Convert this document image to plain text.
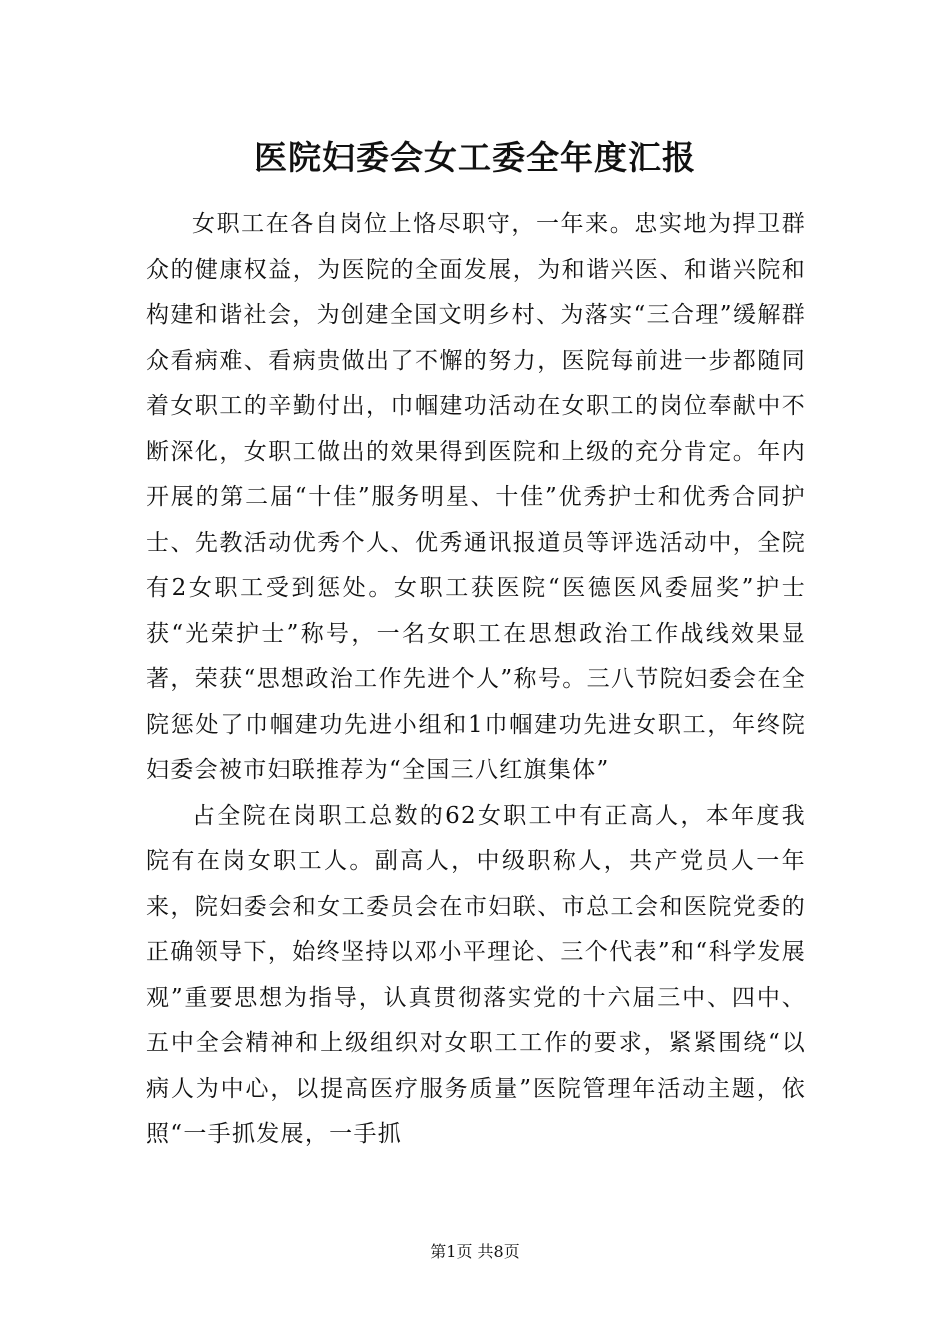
医院妇委会女工委全年度汇报

女职工在各自岗位上恪尽职守，一年来。忠实地为捍卫群众的健康权益，为医院的全面发展，为和谐兴医、和谐兴院和构建和谐社会，为创建全国文明乡村、为落实“三合理”缓解群众看病难、看病贵做出了不懈的努力，医院每前进一步都随同着女职工的辛勤付出，巾帼建功活动在女职工的岗位奉献中不断深化，女职工做出的效果得到医院和上级的充分肯定。年内开展的第二届“十佳”服务明星、十佳”优秀护士和优秀合同护士、先教活动优秀个人、优秀通讯报道员等评选活动中，全院有2女职工受到惩处。女职工获医院“医德医风委屈奖”护士获“光荣护士”称号，一名女职工在思想政治工作战线效果显著，荣获“思想政治工作先进个人”称号。三八节院妇委会在全院惩处了巾帼建功先进小组和1巾帼建功先进女职工，年终院妇委会被市妇联推荐为“全国三八红旗集体”

占全院在岗职工总数的62女职工中有正高人，本年度我院有在岗女职工人。副高人，中级职称人，共产党员人一年来，院妇委会和女工委员会在市妇联、市总工会和医院党委的正确领导下，始终坚持以邓小平理论、三个代表”和“科学发展观”重要思想为指导，认真贯彻落实党的十六届三中、四中、五中全会精神和上级组织对女职工工作的要求，紧紧围绕“以病人为中心，以提高医疗服务质量”医院管理年活动主题，依照“一手抓发展，一手抓

第1页 共8页
